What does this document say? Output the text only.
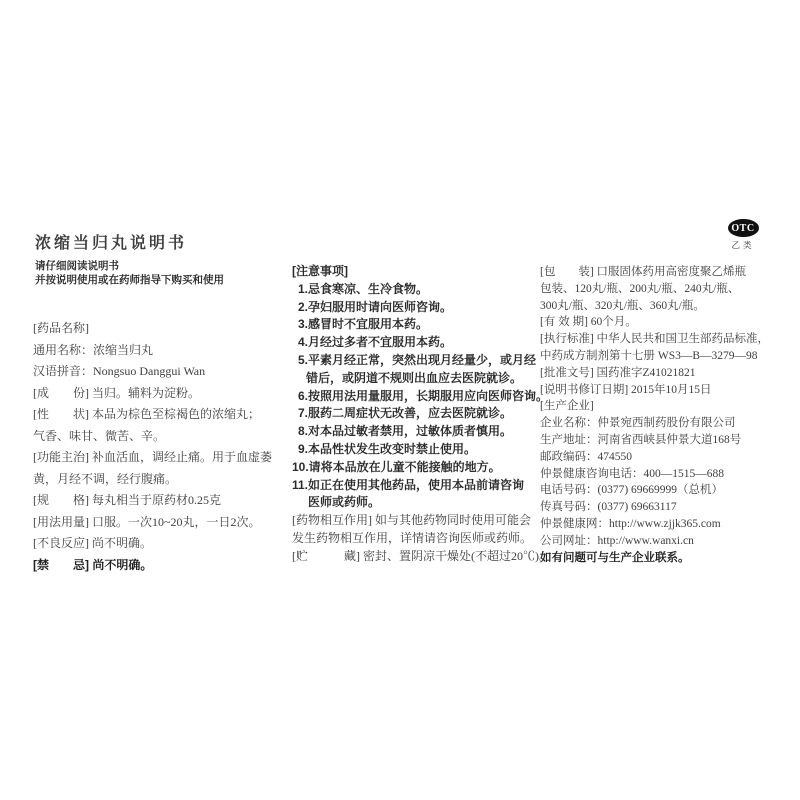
浓缩当归丸说明书
请仔细阅读说明书
并按说明使用或在药师指导下购买和使用
OTC
乙类
[药品名称]
通用名称：浓缩当归丸
汉语拼音：Nongsuo Danggui Wan
[成　　份] 当归。辅料为淀粉。
[性　　状] 本品为棕色至棕褐色的浓缩丸；
气香、味甘、微苦、辛。
[功能主治] 补血活血，调经止痛。用于血虚萎
黄，月经不调，经行腹痛。
[规　　格] 每丸相当于原药材0.25克
[用法用量] 口服。一次10~20丸，一日2次。
[不良反应] 尚不明确。
[禁　　忌] 尚不明确。
[注意事项]
1.忌食寒凉、生冷食物。
2.孕妇服用时请向医师咨询。
3.感冒时不宜服用本药。
4.月经过多者不宜服用本药。
5.平素月经正常，突然出现月经量少，或月经
错后，或阴道不规则出血应去医院就诊。
6.按照用法用量服用，长期服用应向医师咨询。
7.服药二周症状无改善，应去医院就诊。
8.对本品过敏者禁用，过敏体质者慎用。
9.本品性状发生改变时禁止使用。
10.请将本品放在儿童不能接触的地方。
11.如正在使用其他药品，使用本品前请咨询
医师或药师。
[药物相互作用] 如与其他药物同时使用可能会
发生药物相互作用，详情请咨询医师或药师。
[贮　　　藏] 密封、置阴凉干燥处(不超过20℃)。
[包　　装] 口服固体药用高密度聚乙烯瓶
包装、120丸/瓶、200丸/瓶、240丸/瓶、
300丸/瓶、320丸/瓶、360丸/瓶。
[有 效 期] 60个月。
[执行标准] 中华人民共和国卫生部药品标准，
中药成方制剂第十七册 WS3—B—3279—98
[批准文号] 国药准字Z41021821
[说明书修订日期] 2015年10月15日
[生产企业]
企业名称：仲景宛西制药股份有限公司
生产地址：河南省西峡县仲景大道168号
邮政编码：474550
仲景健康咨询电话：400—1515—688
电话号码：(0377) 69669999（总机）
传真号码：(0377) 69663117
仲景健康网：http://www.zjjk365.com
公司网址：http://www.wanxi.cn
如有问题可与生产企业联系。
